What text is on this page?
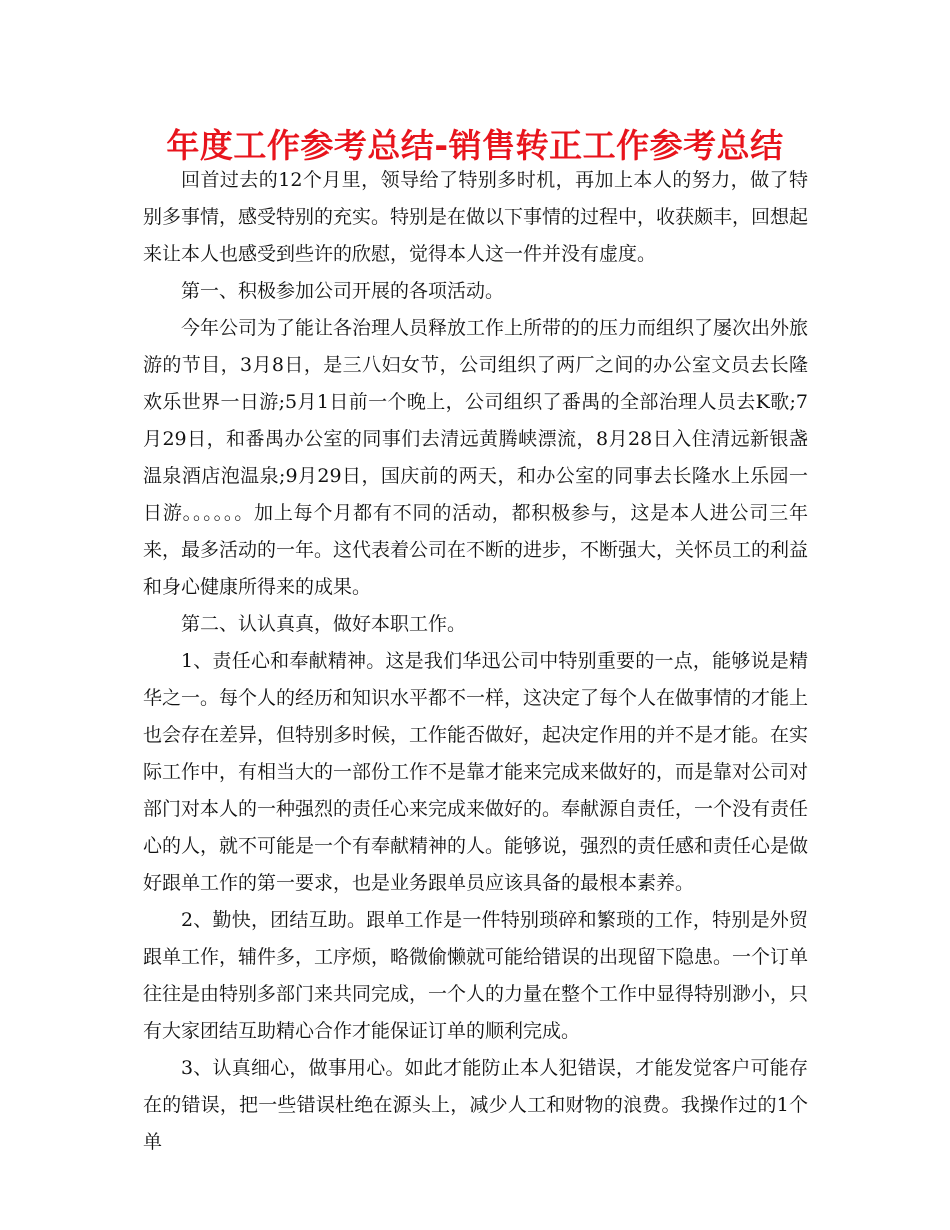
年度工作参考总结-销售转正工作参考总结

回首过去的12个月里，领导给了特别多时机，再加上本人的努力，做了特别多事情，感受特别的充实。特别是在做以下事情的过程中，收获颇丰，回想起来让本人也感受到些许的欣慰，觉得本人这一件并没有虚度。

第一、积极参加公司开展的各项活动。

今年公司为了能让各治理人员释放工作上所带的的压力而组织了屡次出外旅游的节目，3月8日，是三八妇女节，公司组织了两厂之间的办公室文员去长隆欢乐世界一日游;5月1日前一个晚上，公司组织了番禺的全部治理人员去K歌;7月29日，和番禺办公室的同事们去清远黄腾峡漂流，8月28日入住清远新银盏温泉酒店泡温泉;9月29日，国庆前的两天，和办公室的同事去长隆水上乐园一日游。。。。。。加上每个月都有不同的活动，都积极参与，这是本人进公司三年来，最多活动的一年。这代表着公司在不断的进步，不断强大，关怀员工的利益和身心健康所得来的成果。

第二、认认真真，做好本职工作。

1、责任心和奉献精神。这是我们华迅公司中特别重要的一点，能够说是精华之一。每个人的经历和知识水平都不一样，这决定了每个人在做事情的才能上也会存在差异，但特别多时候，工作能否做好，起决定作用的并不是才能。在实际工作中，有相当大的一部份工作不是靠才能来完成来做好的，而是靠对公司对部门对本人的一种强烈的责任心来完成来做好的。奉献源自责任，一个没有责任心的人，就不可能是一个有奉献精神的人。能够说，强烈的责任感和责任心是做好跟单工作的第一要求，也是业务跟单员应该具备的最根本素养。

2、勤快，团结互助。跟单工作是一件特别琐碎和繁琐的工作，特别是外贸跟单工作，辅件多，工序烦，略微偷懒就可能给错误的出现留下隐患。一个订单往往是由特别多部门来共同完成，一个人的力量在整个工作中显得特别渺小，只有大家团结互助精心合作才能保证订单的顺利完成。

3、认真细心，做事用心。如此才能防止本人犯错误，才能发觉客户可能存在的错误，把一些错误杜绝在源头上，减少人工和财物的浪费。我操作过的1个单
